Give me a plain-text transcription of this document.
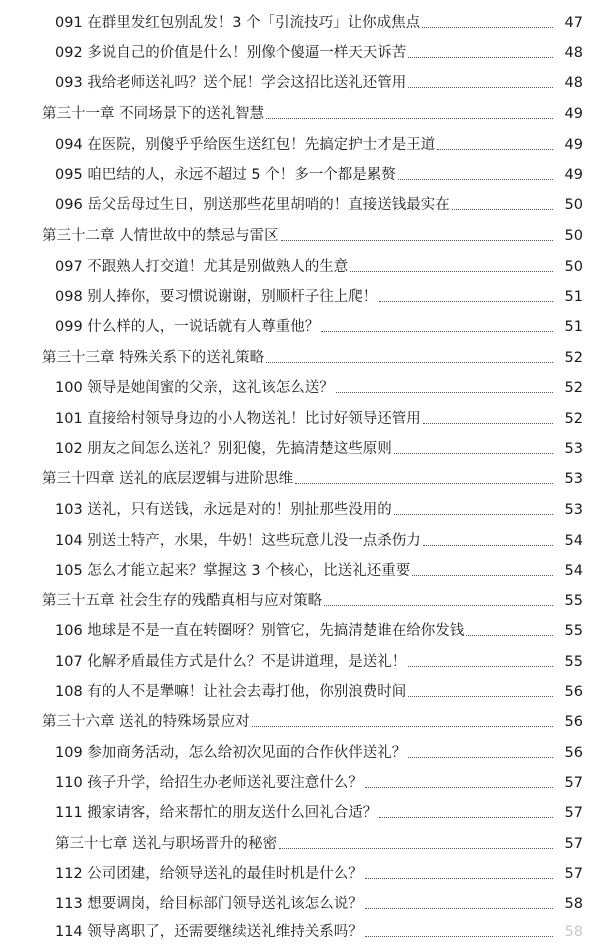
091 在群里发红包别乱发！3 个「引流技巧」让你成焦点	47
092 多说自己的价值是什么！别像个傻逼一样天天诉苦	48
093 我给老师送礼吗？送个屁！学会这招比送礼还管用	48
第三十一章 不同场景下的送礼智慧	49
094 在医院，别傻乎乎给医生送红包！先搞定护士才是王道	49
095 咱巴结的人，永远不超过 5 个！多一个都是累赘	49
096 岳父岳母过生日，别送那些花里胡哨的！直接送钱最实在	50
第三十二章 人情世故中的禁忌与雷区	50
097 不跟熟人打交道！尤其是别做熟人的生意	50
098 别人捧你，要习惯说谢谢，别顺杆子往上爬！	51
099 什么样的人，一说话就有人尊重他？	51
第三十三章 特殊关系下的送礼策略	52
100 领导是她闺蜜的父亲，这礼该怎么送？	52
101 直接给村领导身边的小人物送礼！比讨好领导还管用	52
102 朋友之间怎么送礼？别犯傻，先搞清楚这些原则	53
第三十四章 送礼的底层逻辑与进阶思维	53
103 送礼，只有送钱，永远是对的！别扯那些没用的	53
104 别送土特产，水果，牛奶！这些玩意儿没一点杀伤力	54
105 怎么才能立起来？掌握这 3 个核心，比送礼还重要	54
第三十五章 社会生存的残酷真相与应对策略	55
106 地球是不是一直在转圈呀？别管它，先搞清楚谁在给你发钱	55
107 化解矛盾最佳方式是什么？不是讲道理，是送礼！	55
108 有的人不是犟嘛！让社会去毒打他，你别浪费时间	56
第三十六章 送礼的特殊场景应对	56
109 参加商务活动，怎么给初次见面的合作伙伴送礼？	56
110 孩子升学，给招生办老师送礼要注意什么？	57
111 搬家请客，给来帮忙的朋友送什么回礼合适？	57
第三十七章 送礼与职场晋升的秘密	57
112 公司团建，给领导送礼的最佳时机是什么？	57
113 想要调岗，给目标部门领导送礼该怎么说？	58
114 领导离职了，还需要继续送礼维持关系吗？	58
